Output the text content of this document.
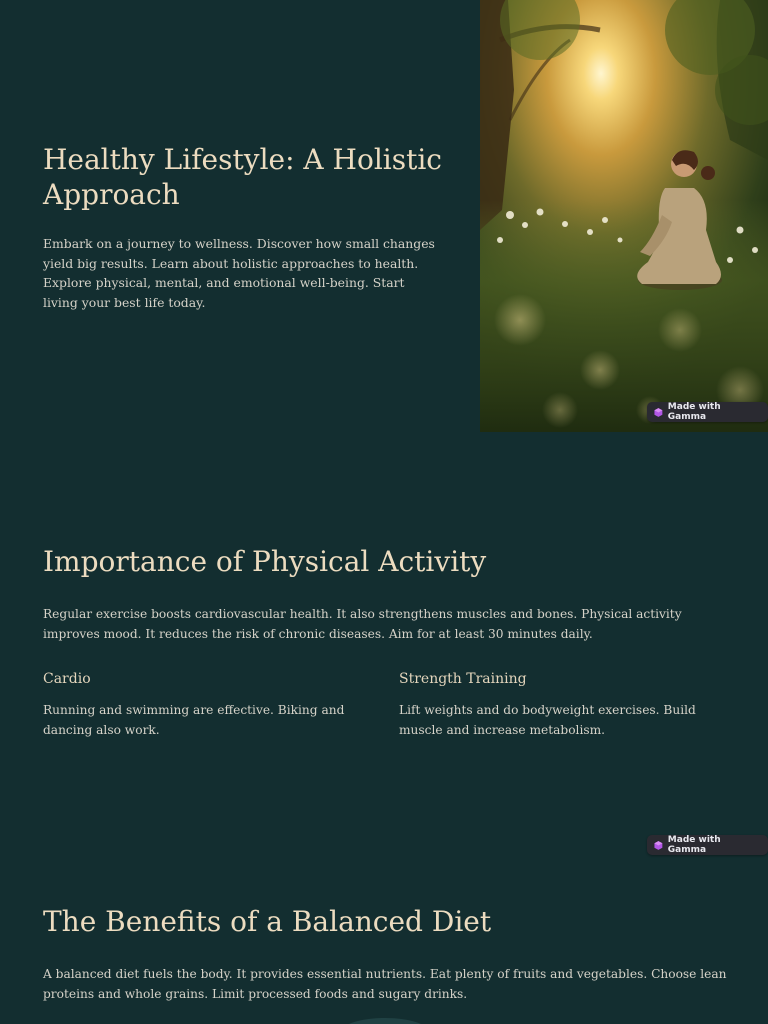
Healthy Lifestyle: A Holistic Approach

Embark on a journey to wellness. Discover how small changes yield big results. Learn about holistic approaches to health. Explore physical, mental, and emotional well-being. Start living your best life today.

Made with Gamma
Importance of Physical Activity

Regular exercise boosts cardiovascular health. It also strengthens muscles and bones. Physical activity improves mood. It reduces the risk of chronic diseases. Aim for at least 30 minutes daily.

Cardio

Running and swimming are effective. Biking and dancing also work.

Strength Training

Lift weights and do bodyweight exercises. Build muscle and increase metabolism.

Made with Gamma
The Benefits of a Balanced Diet

A balanced diet fuels the body. It provides essential nutrients. Eat plenty of fruits and vegetables. Choose lean proteins and whole grains. Limit processed foods and sugary drinks.
